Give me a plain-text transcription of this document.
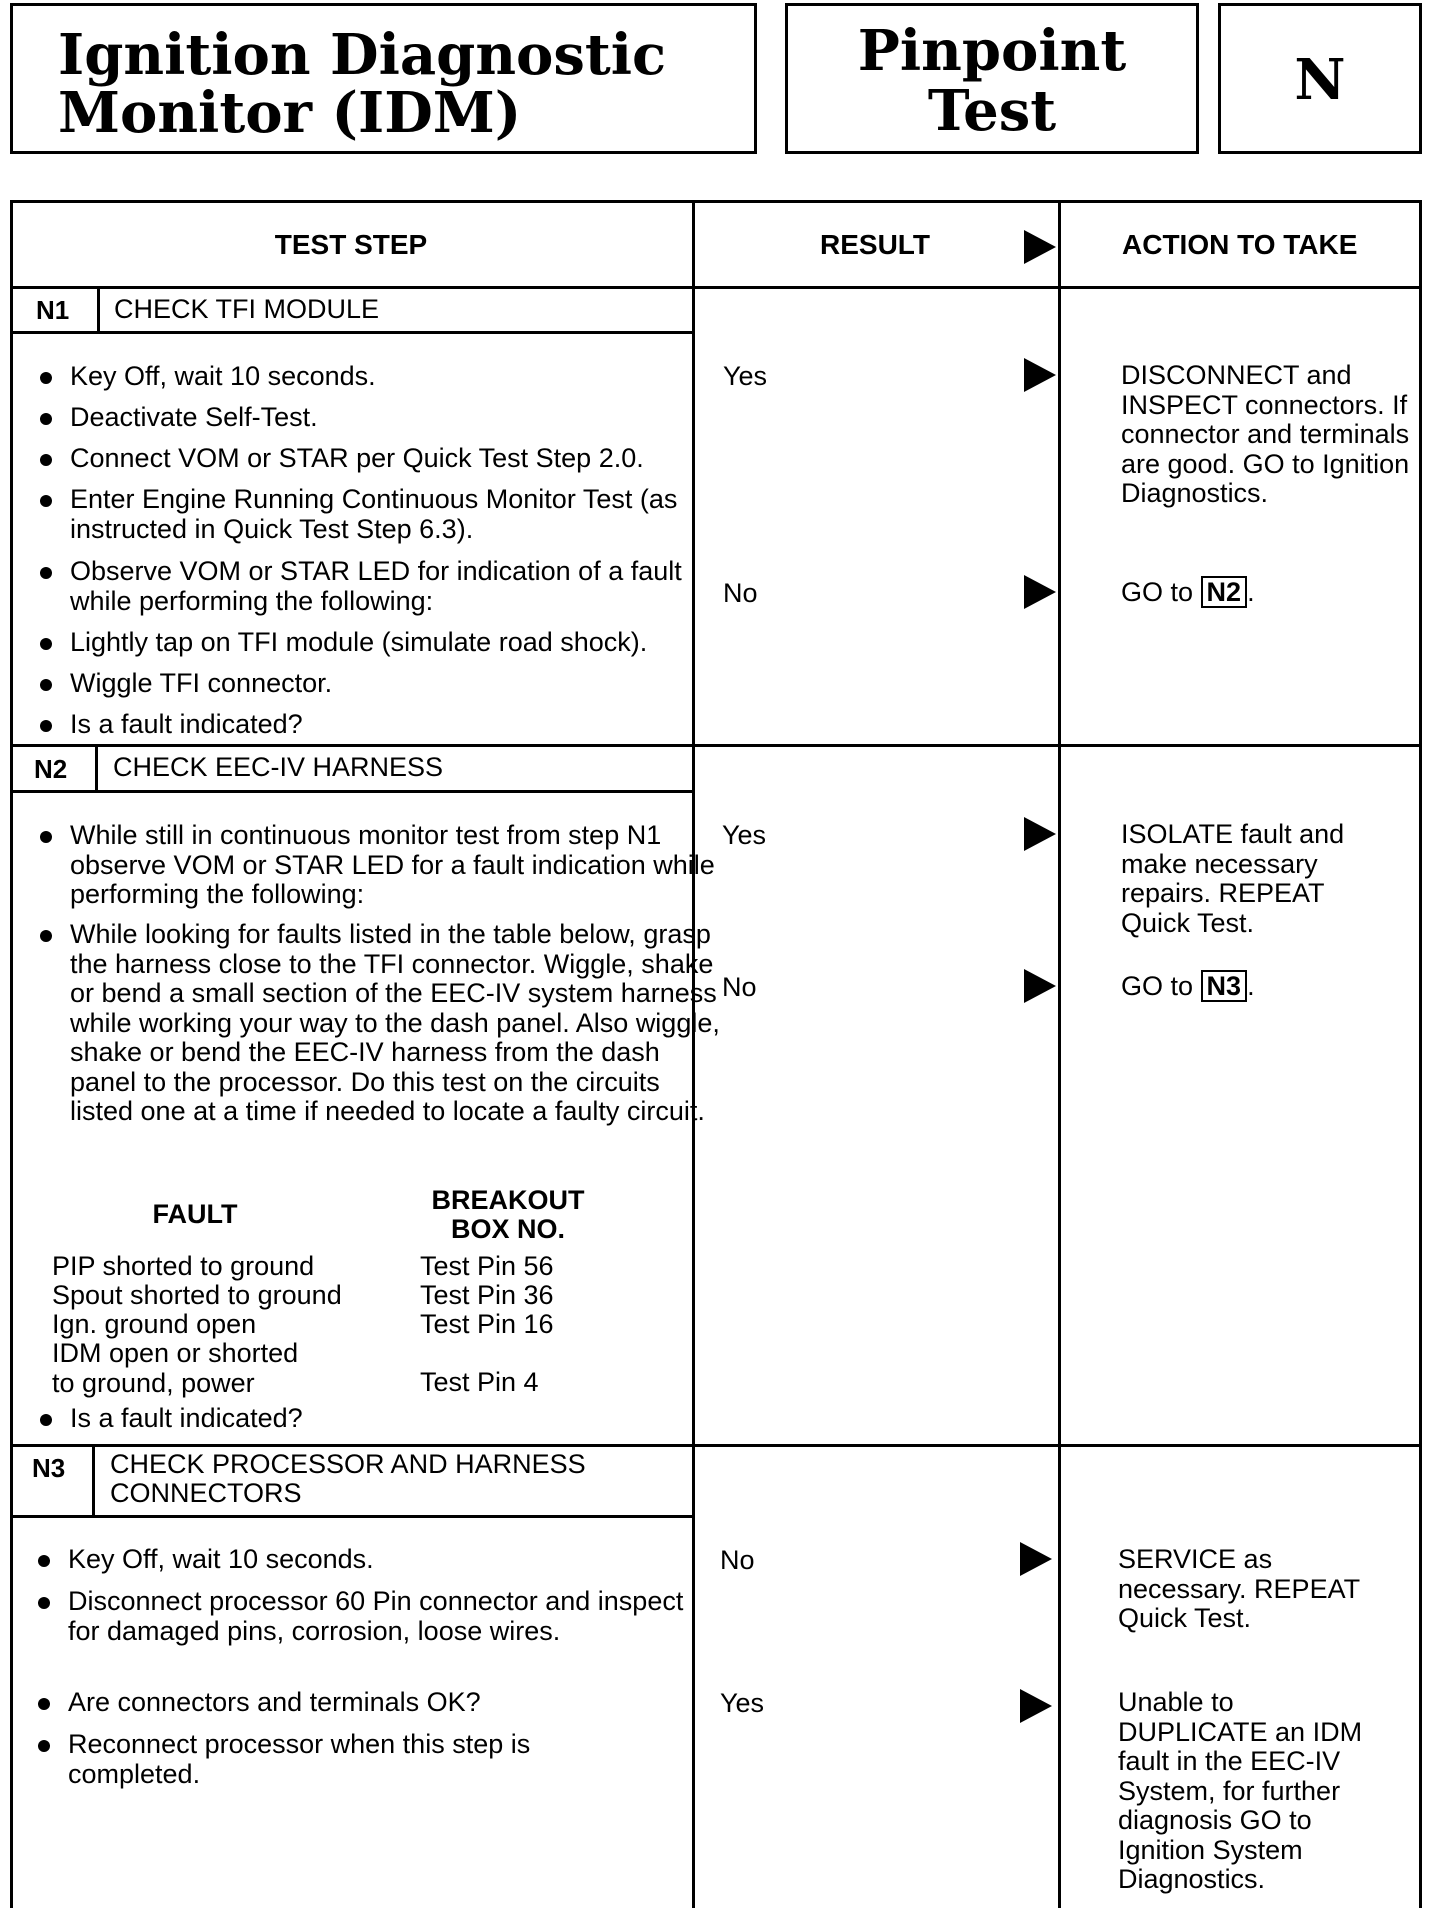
Ignition Diagnostic
Monitor (IDM)
Pinpoint
Test	N
TEST STEP	RESULT	ACTION TO TAKE
N1 CHECK TFI MODULE
Key Off, wait 10 seconds.
Deactivate Self-Test.
Connect VOM or STAR per Quick Test Step 2.0.
Enter Engine Running Continuous Monitor Test (as instructed in Quick Test Step 6.3).
Observe VOM or STAR LED for indication of a fault while performing the following:
Lightly tap on TFI module (simulate road shock).
Wiggle TFI connector.
Is a fault indicated?
Yes	DISCONNECT and INSPECT connectors. If connector and terminals are good. GO to Ignition Diagnostics.
No	GO to N2 .
N2 CHECK EEC-IV HARNESS
While still in continuous monitor test from step N1 observe VOM or STAR LED for a fault indication while performing the following:
While looking for faults listed in the table below, grasp the harness close to the TFI connector. Wiggle, shake or bend a small section of the EEC-IV system harness while working your way to the dash panel. Also wiggle, shake or bend the EEC-IV harness from the dash panel to the processor. Do this test on the circuits listed one at a time if needed to locate a faulty circuit.
FAULT	BREAKOUT BOX NO.
PIP shorted to ground	Test Pin 56
Spout shorted to ground	Test Pin 36
Ign. ground open	Test Pin 16
IDM open or shorted to ground, power	Test Pin 4
Is a fault indicated?
Yes	ISOLATE fault and make necessary repairs. REPEAT Quick Test.
No	GO to N3 .
N3 CHECK PROCESSOR AND HARNESS CONNECTORS
Key Off, wait 10 seconds.
Disconnect processor 60 Pin connector and inspect for damaged pins, corrosion, loose wires.
Are connectors and terminals OK?
Reconnect processor when this step is completed.
No	SERVICE as necessary. REPEAT Quick Test.
Yes	Unable to DUPLICATE an IDM fault in the EEC-IV System, for further diagnosis GO to Ignition System Diagnostics.
